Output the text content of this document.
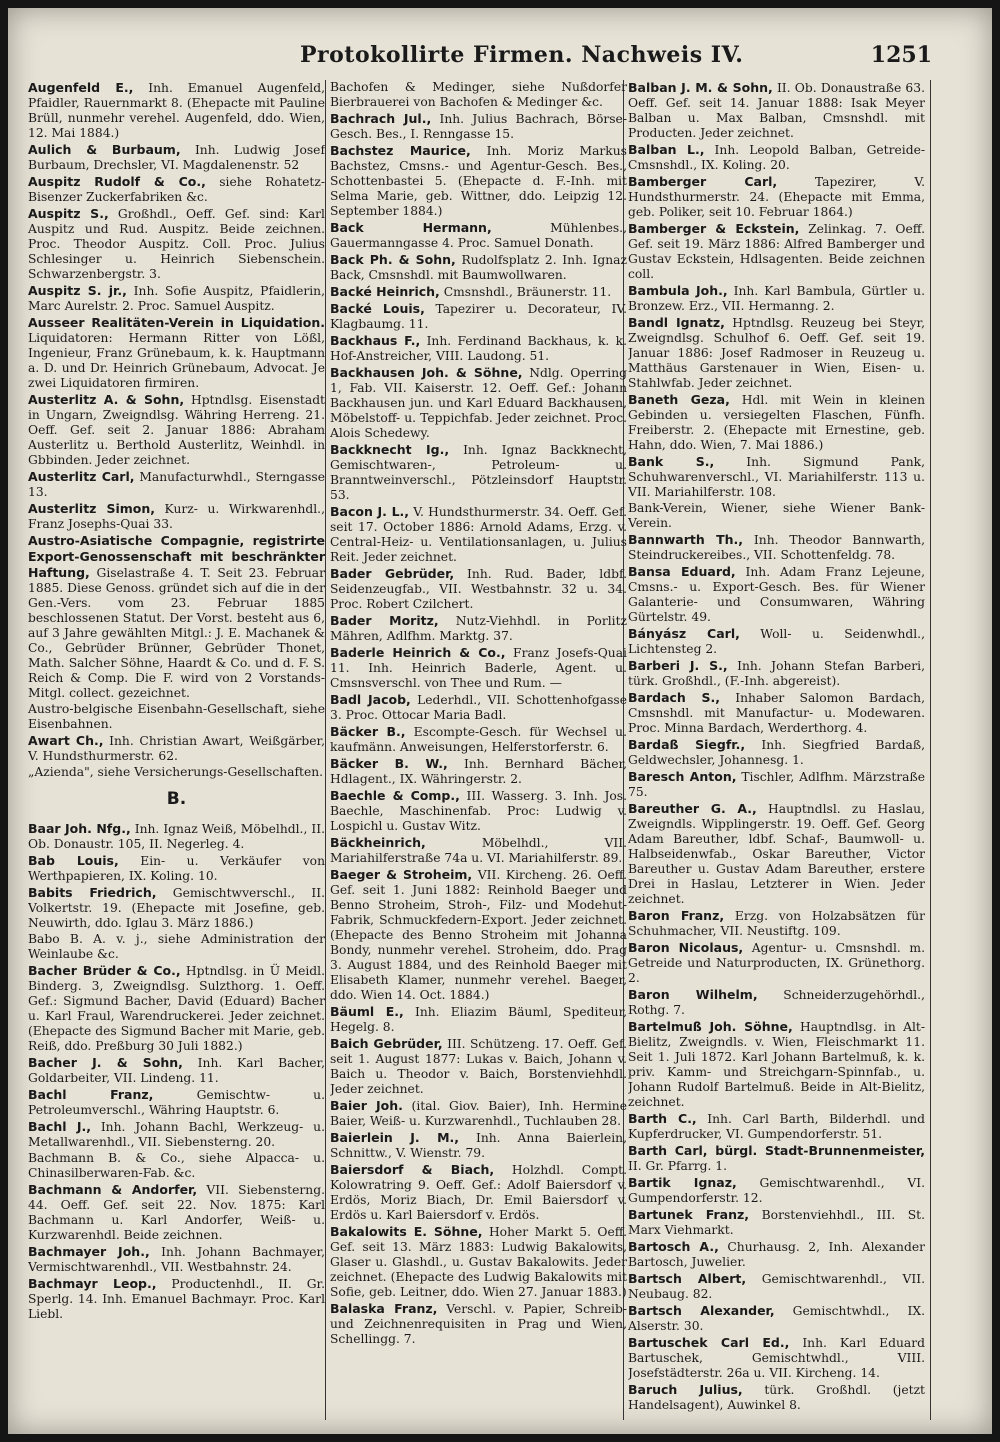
Protokollirte Firmen. Nachweis IV.	1251
Augenfeld E., Inh. Emanuel Augenfeld, Pfaidler, Rauernmarkt 8. (Ehepacte mit Pauline Brüll, nunmehr verehel. Augenfeld, ddo. Wien, 12. Mai 1884.)
Aulich & Burbaum, Inh. Ludwig Josef Burbaum, Drechsler, VI. Magdalenenstr. 52
Auspitz Rudolf & Co., siehe Rohatetz-Bisenzer Zuckerfabriken &c.
Auspitz S., Großhdl., Oeff. Gef. sind: Karl Auspitz und Rud. Auspitz. Beide zeichnen. Proc. Theodor Auspitz. Coll. Proc. Julius Schlesinger u. Heinrich Siebenschein. Schwarzenbergstr. 3.
Auspitz S. jr., Inh. Sofie Auspitz, Pfaidlerin, Marc Aurelstr. 2. Proc. Samuel Auspitz.
Ausseer Realitäten-Verein in Liquidation. Liquidatoren: Hermann Ritter von Lößl, Ingenieur, Franz Grünebaum, k. k. Hauptmann a. D. und Dr. Heinrich Grünebaum, Advocat. Je zwei Liquidatoren firmiren.
Austerlitz A. & Sohn, Hptndlsg. Eisenstadt in Ungarn, Zweigndlsg. Währing Herreng. 21. Oeff. Gef. seit 2. Januar 1886: Abraham Austerlitz u. Berthold Austerlitz, Weinhdl. in Gbbinden. Jeder zeichnet.
Austerlitz Carl, Manufacturwhdl., Sterngasse 13.
Austerlitz Simon, Kurz- u. Wirkwarenhdl., Franz Josephs-Quai 33.
Austro-Asiatische Compagnie, registrirte Export-Genossenschaft mit beschränkter Haftung, Giselastraße 4. T. Seit 23. Februar 1885. Diese Genoss. gründet sich auf die in der Gen.-Vers. vom 23. Februar 1885 beschlossenen Statut. Der Vorst. besteht aus 6, auf 3 Jahre gewählten Mitgl.: J. E. Machanek & Co., Gebrüder Brünner, Gebrüder Thonet, Math. Salcher Söhne, Haardt & Co. und d. F. S. Reich & Comp. Die F. wird von 2 Vorstands-Mitgl. collect. gezeichnet.
Austro-belgische Eisenbahn-Gesellschaft, siehe Eisenbahnen.
Awart Ch., Inh. Christian Awart, Weißgärber, V. Hundsthurmerstr. 62.
„Azienda", siehe Versicherungs-Gesellschaften.
B.
Baar Joh. Nfg., Inh. Ignaz Weiß, Möbelhdl., II. Ob. Donaustr. 105, II. Negerleg. 4.
Bab Louis, Ein- u. Verkäufer von Werthpapieren, IX. Koling. 10.
Babits Friedrich, Gemischtwverschl., II. Volkertstr. 19. (Ehepacte mit Josefine, geb. Neuwirth, ddo. Iglau 3. März 1886.)
Babo B. A. v. j., siehe Administration der Weinlaube &c.
Bacher Brüder & Co., Hptndlsg. in Ü Meidl. Binderg. 3, Zweigndlsg. Sulzthorg. 1. Oeff. Gef.: Sigmund Bacher, David (Eduard) Bacher u. Karl Fraul, Warendruckerei. Jeder zeichnet. (Ehepacte des Sigmund Bacher mit Marie, geb. Reiß, ddo. Preßburg 30 Juli 1882.)
Bacher J. & Sohn, Inh. Karl Bacher, Goldarbeiter, VII. Lindeng. 11.
Bachl Franz, Gemischtw- u. Petroleumverschl., Währing Hauptstr. 6.
Bachl J., Inh. Johann Bachl, Werkzeug- u. Metallwarenhdl., VII. Siebensterng. 20.
Bachmann B. & Co., siehe Alpacca- u. Chinasilberwaren-Fab. &c.
Bachmann & Andorfer, VII. Siebensterng. 44. Oeff. Gef. seit 22. Nov. 1875: Karl Bachmann u. Karl Andorfer, Weiß- u. Kurzwarenhdl. Beide zeichnen.
Bachmayer Joh., Inh. Johann Bachmayer, Vermischtwarenhdl., VII. Westbahnstr. 24.
Bachmayr Leop., Productenhdl., II. Gr. Sperlg. 14. Inh. Emanuel Bachmayr. Proc. Karl Liebl.
Bachofen & Medinger, siehe Nußdorfer Bierbrauerei von Bachofen & Medinger &c.
Bachrach Jul., Inh. Julius Bachrach, Börse-Gesch. Bes., I. Renngasse 15.
Bachstez Maurice, Inh. Moriz Markus Bachstez, Cmsns.- und Agentur-Gesch. Bes., Schottenbastei 5. (Ehepacte d. F.-Inh. mit Selma Marie, geb. Wittner, ddo. Leipzig 12. September 1884.)
Back Hermann, Mühlenbes., Gauermanngasse 4. Proc. Samuel Donath.
Back Ph. & Sohn, Rudolfsplatz 2. Inh. Ignaz Back, Cmsnshdl. mit Baumwollwaren.
Backé Heinrich, Cmsnshdl., Bräunerstr. 11.
Backé Louis, Tapezirer u. Decorateur, IV. Klagbaumg. 11.
Backhaus F., Inh. Ferdinand Backhaus, k. k. Hof-Anstreicher, VIII. Laudong. 51.
Backhausen Joh. & Söhne, Ndlg. Operring 1, Fab. VII. Kaiserstr. 12. Oeff. Gef.: Johann Backhausen jun. und Karl Eduard Backhausen, Möbelstoff- u. Teppichfab. Jeder zeichnet. Proc. Alois Schedewy.
Backknecht Ig., Inh. Ignaz Backknecht, Gemischtwaren-, Petroleum- u. Branntweinverschl., Pötzleinsdorf Hauptstr. 53.
Bacon J. L., V. Hundsthurmerstr. 34. Oeff. Gef. seit 17. October 1886: Arnold Adams, Erzg. v. Central-Heiz- u. Ventilationsanlagen, u. Julius Reit. Jeder zeichnet.
Bader Gebrüder, Inh. Rud. Bader, ldbf. Seidenzeugfab., VII. Westbahnstr. 32 u. 34. Proc. Robert Czilchert.
Bader Moritz, Nutz-Viehhdl. in Porlitz Mähren, Adlfhm. Marktg. 37.
Baderle Heinrich & Co., Franz Josefs-Quai 11. Inh. Heinrich Baderle, Agent. u. Cmsnsverschl. von Thee und Rum. —
Badl Jacob, Lederhdl., VII. Schottenhofgasse 3. Proc. Ottocar Maria Badl.
Bäcker B., Escompte-Gesch. für Wechsel u. kaufmänn. Anweisungen, Helferstorferstr. 6.
Bäcker B. W., Inh. Bernhard Bächer, Hdlagent., IX. Währingerstr. 2.
Baechle & Comp., III. Wasserg. 3. Inh. Jos. Baechle, Maschinenfab. Proc: Ludwig v. Lospichl u. Gustav Witz.
Bäckheinrich, Möbelhdl., VII. Mariahilferstraße 74a u. VI. Mariahilferstr. 89.
Baeger & Stroheim, VII. Kircheng. 26. Oeff. Gef. seit 1. Juni 1882: Reinhold Baeger und Benno Stroheim, Stroh-, Filz- und Modehut-Fabrik, Schmuckfedern-Export. Jeder zeichnet. (Ehepacte des Benno Stroheim mit Johanna Bondy, nunmehr verehel. Stroheim, ddo. Prag 3. August 1884, und des Reinhold Baeger mit Elisabeth Klamer, nunmehr verehel. Baeger, ddo. Wien 14. Oct. 1884.)
Bäuml E., Inh. Eliazim Bäuml, Spediteur, Hegelg. 8.
Baich Gebrüder, III. Schützeng. 17. Oeff. Gef. seit 1. August 1877: Lukas v. Baich, Johann v. Baich u. Theodor v. Baich, Borstenviehhdl. Jeder zeichnet.
Baier Joh. (ital. Giov. Baier), Inh. Hermine Baier, Weiß- u. Kurzwarenhdl., Tuchlauben 28.
Baierlein J. M., Inh. Anna Baierlein, Schnittw., V. Wienstr. 79.
Baiersdorf & Biach, Holzhdl. Compt. Kolowratring 9. Oeff. Gef.: Adolf Baiersdorf v. Erdös, Moriz Biach, Dr. Emil Baiersdorf v. Erdös u. Karl Baiersdorf v. Erdös.
Bakalowits E. Söhne, Hoher Markt 5. Oeff. Gef. seit 13. März 1883: Ludwig Bakalowits, Glaser u. Glashdl., u. Gustav Bakalowits. Jeder zeichnet. (Ehepacte des Ludwig Bakalowits mit Sofie, geb. Leitner, ddo. Wien 27. Januar 1883.)
Balaska Franz, Verschl. v. Papier, Schreib- und Zeichnenrequisiten in Prag und Wien, Schellingg. 7.
Balban J. M. & Sohn, II. Ob. Donaustraße 63. Oeff. Gef. seit 14. Januar 1888: Isak Meyer Balban u. Max Balban, Cmsnshdl. mit Producten. Jeder zeichnet.
Balban L., Inh. Leopold Balban, Getreide-Cmsnshdl., IX. Koling. 20.
Bamberger Carl, Tapezirer, V. Hundsthurmerstr. 24. (Ehepacte mit Emma, geb. Poliker, seit 10. Februar 1864.)
Bamberger & Eckstein, Zelinkag. 7. Oeff. Gef. seit 19. März 1886: Alfred Bamberger und Gustav Eckstein, Hdlsagenten. Beide zeichnen coll.
Bambula Joh., Inh. Karl Bambula, Gürtler u. Bronzew. Erz., VII. Hermanng. 2.
Bandl Ignatz, Hptndlsg. Reuzeug bei Steyr, Zweigndlsg. Schulhof 6. Oeff. Gef. seit 19. Januar 1886: Josef Radmoser in Reuzeug u. Matthäus Garstenauer in Wien, Eisen- u. Stahlwfab. Jeder zeichnet.
Baneth Geza, Hdl. mit Wein in kleinen Gebinden u. versiegelten Flaschen, Fünfh. Freiberstr. 2. (Ehepacte mit Ernestine, geb. Hahn, ddo. Wien, 7. Mai 1886.)
Bank S., Inh. Sigmund Pank, Schuhwarenverschl., VI. Mariahilferstr. 113 u. VII. Mariahilferstr. 108.
Bank-Verein, Wiener, siehe Wiener Bank-Verein.
Bannwarth Th., Inh. Theodor Bannwarth, Steindruckereibes., VII. Schottenfeldg. 78.
Bansa Eduard, Inh. Adam Franz Lejeune, Cmsns.- u. Export-Gesch. Bes. für Wiener Galanterie- und Consumwaren, Währing Gürtelstr. 49.
Bányász Carl, Woll- u. Seidenwhdl., Lichtensteg 2.
Barberi J. S., Inh. Johann Stefan Barberi, türk. Großhdl., (F.-Inh. abgereist).
Bardach S., Inhaber Salomon Bardach, Cmsnshdl. mit Manufactur- u. Modewaren. Proc. Minna Bardach, Werderthorg. 4.
Bardaß Siegfr., Inh. Siegfried Bardaß, Geldwechsler, Johannesg. 1.
Baresch Anton, Tischler, Adlfhm. Märzstraße 75.
Bareuther G. A., Hauptndlsl. zu Haslau, Zweigndls. Wipplingerstr. 19. Oeff. Gef. Georg Adam Bareuther, ldbf. Schaf-, Baumwoll- u. Halbseidenwfab., Oskar Bareuther, Victor Bareuther u. Gustav Adam Bareuther, erstere Drei in Haslau, Letzterer in Wien. Jeder zeichnet.
Baron Franz, Erzg. von Holzabsätzen für Schuhmacher, VII. Neustiftg. 109.
Baron Nicolaus, Agentur- u. Cmsnshdl. m. Getreide und Naturproducten, IX. Grünethorg. 2.
Baron Wilhelm, Schneiderzugehörhdl., Rothg. 7.
Bartelmuß Joh. Söhne, Hauptndlsg. in Alt-Bielitz, Zweigndls. v. Wien, Fleischmarkt 11. Seit 1. Juli 1872. Karl Johann Bartelmuß, k. k. priv. Kamm- und Streichgarn-Spinnfab., u. Johann Rudolf Bartelmuß. Beide in Alt-Bielitz, zeichnet.
Barth C., Inh. Carl Barth, Bilderhdl. und Kupferdrucker, VI. Gumpendorferstr. 51.
Barth Carl, bürgl. Stadt-Brunnenmeister, II. Gr. Pfarrg. 1.
Bartik Ignaz, Gemischtwarenhdl., VI. Gumpendorferstr. 12.
Bartunek Franz, Borstenviehhdl., III. St. Marx Viehmarkt.
Bartosch A., Churhausg. 2, Inh. Alexander Bartosch, Juwelier.
Bartsch Albert, Gemischtwarenhdl., VII. Neubaug. 82.
Bartsch Alexander, Gemischtwhdl., IX. Alserstr. 30.
Bartuschek Carl Ed., Inh. Karl Eduard Bartuschek, Gemischtwhdl., VIII. Josefstädterstr. 26a u. VII. Kircheng. 14.
Baruch Julius, türk. Großhdl. (jetzt Handelsagent), Auwinkel 8.
